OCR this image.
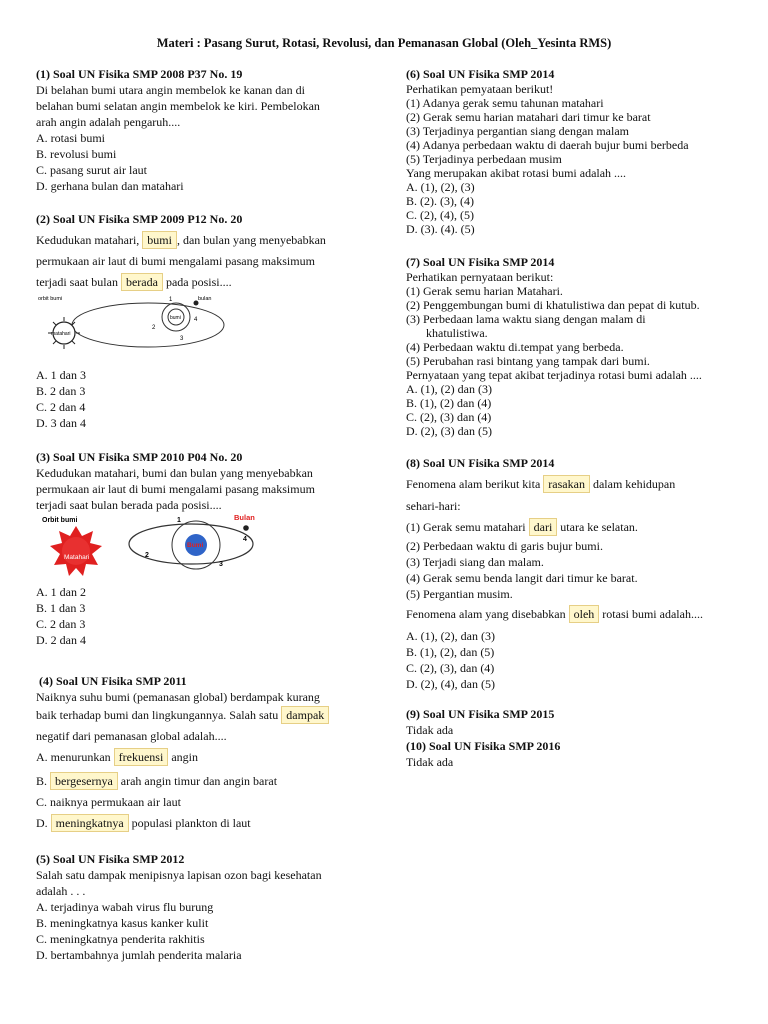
Materi : Pasang Surut, Rotasi, Revolusi, dan Pemanasan Global (Oleh_Yesinta RMS)
(1) Soal UN Fisika SMP 2008 P37 No. 19
Di belahan bumi utara angin membelok ke kanan dan di
belahan bumi selatan angin membelok ke kiri. Pembelokan
arah angin adalah pengaruh....
A. rotasi bumi
B. revolusi bumi
C. pasang surut air laut
D. gerhana bulan dan matahari
(2) Soal UN Fisika SMP 2009 P12 No. 20
Kedudukan matahari, bumi , dan bulan yang menyebabkan
permukaan air laut di bumi mengalami pasang maksimum
terjadi saat bulan berada pada posisi....
orbit bumi
matahari
bumi
bulan
1
2
3
4
A. 1 dan 3
B. 2 dan 3
C. 2 dan 4
D. 3 dan 4
(3) Soal UN Fisika SMP 2010 P04 No. 20
Kedudukan matahari, bumi dan bulan yang menyebabkan
permukaan air laut di bumi mengalami pasang maksimum
terjadi saat bulan berada pada posisi....
Orbit bumi
Matahari
Bumi
Bulan
1
2
3
4
A. 1 dan 2
B. 1 dan 3
C. 2 dan 3
D. 2 dan 4
(4) Soal UN Fisika SMP 2011
Naiknya suhu bumi (pemanasan global) berdampak kurang
baik terhadap bumi dan lingkungannya. Salah satu dampak
negatif dari pemanasan global adalah....
A. menurunkan frekuensi angin
B. bergesernya arah angin timur dan angin barat
C. naiknya permukaan air laut
D. meningkatnya populasi plankton di laut
(5) Soal UN Fisika SMP 2012
Salah satu dampak menipisnya lapisan ozon bagi kesehatan
adalah . . .
A. terjadinya wabah virus flu burung
B. meningkatnya kasus kanker kulit
C. meningkatnya penderita rakhitis
D. bertambahnya jumlah penderita malaria
(6) Soal UN Fisika SMP 2014
Perhatikan pemyataan berikut!
(1) Adanya gerak semu tahunan matahari
(2) Gerak semu harian matahari dari timur ke barat
(3) Terjadinya pergantian siang dengan malam
(4) Adanya perbedaan waktu di daerah bujur bumi berbeda
(5) Terjadinya perbedaan musim
Yang merupakan akibat rotasi bumi adalah ....
A. (1), (2), (3)
B. (2). (3), (4)
C. (2), (4), (5)
D. (3). (4). (5)
(7) Soal UN Fisika SMP 2014
Perhatikan pernyataan berikut:
(1) Gerak semu harian Matahari.
(2) Penggembungan bumi di khatulistiwa dan pepat di kutub.
(3) Perbedaan lama waktu siang dengan malam di
khatulistiwa.
(4) Perbedaan waktu di.tempat yang berbeda.
(5) Perubahan rasi bintang yang tampak dari bumi.
Pernyataan yang tepat akibat terjadinya rotasi bumi adalah ....
A. (1), (2) dan (3)
B. (1), (2) dan (4)
C. (2), (3) dan (4)
D. (2), (3) dan (5)
(8) Soal UN Fisika SMP 2014
Fenomena alam berikut kita rasakan dalam kehidupan
sehari-hari:
(1) Gerak semu matahari dari utara ke selatan.
(2) Perbedaan waktu di garis bujur bumi.
(3) Terjadi siang dan malam.
(4) Gerak semu benda langit dari timur ke barat.
(5) Pergantian musim.
Fenomena alam yang disebabkan oleh rotasi bumi adalah....
A. (1), (2), dan (3)
B. (1), (2), dan (5)
C. (2), (3), dan (4)
D. (2), (4), dan (5)
(9) Soal UN Fisika SMP 2015
Tidak ada
(10) Soal UN Fisika SMP 2016
Tidak ada
